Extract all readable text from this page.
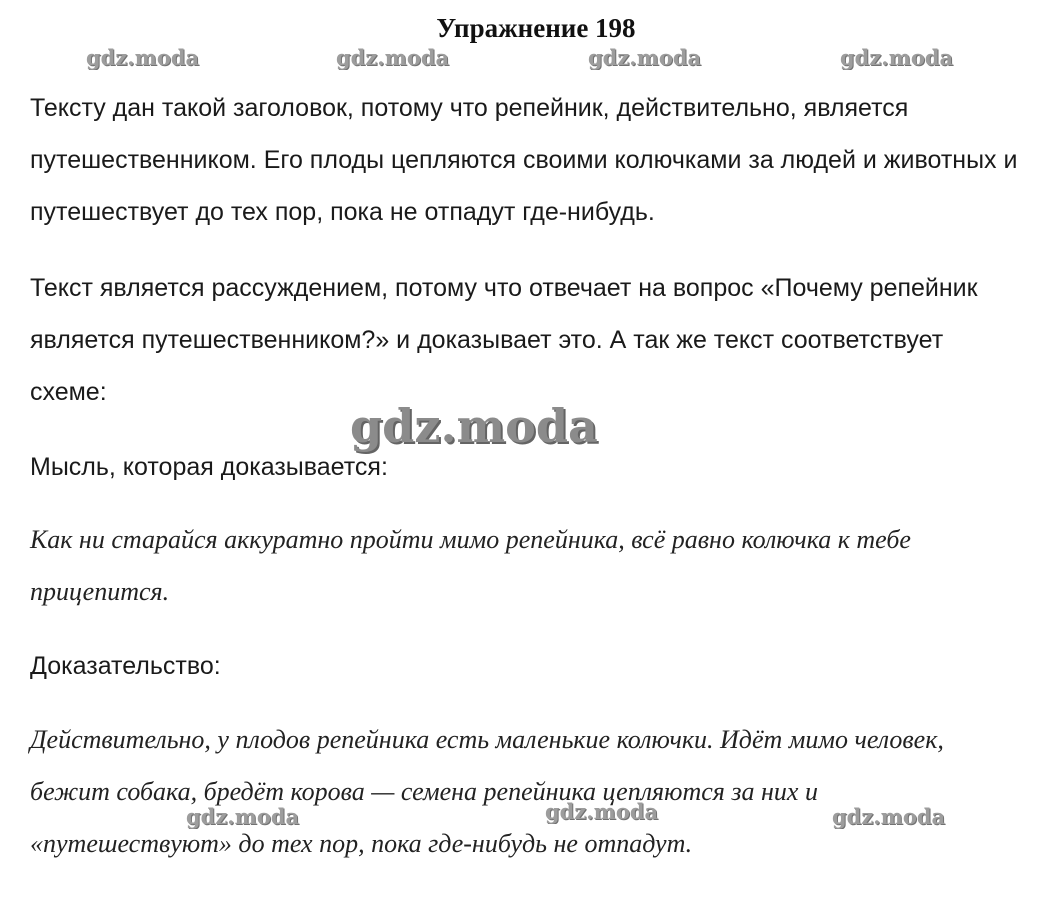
Упражнение 198

Тексту дан такой заголовок, потому что репейник, действительно, является путешественником. Его плоды цепляются своими колючками за людей и животных и путешествует до тех пор, пока не отпадут где-нибудь.

Текст является рассуждением, потому что отвечает на вопрос «Почему репейник является путешественником?» и доказывает это. А так же текст соответствует схеме:

Мысль, которая доказывается:

Как ни старайся аккуратно пройти мимо репейника, всё равно колючка к тебе прицепится.

Доказательство:

Действительно, у плодов репейника есть маленькие колючки. Идёт мимо человек, бежит собака, бредёт корова — семена репейника цепляются за них и «путешествуют» до тех пор, пока где-нибудь не отпадут.

gdz.moda	gdz.moda	gdz.moda	gdz.moda
gdz.moda
gdz.moda	gdz.moda	gdz.moda
